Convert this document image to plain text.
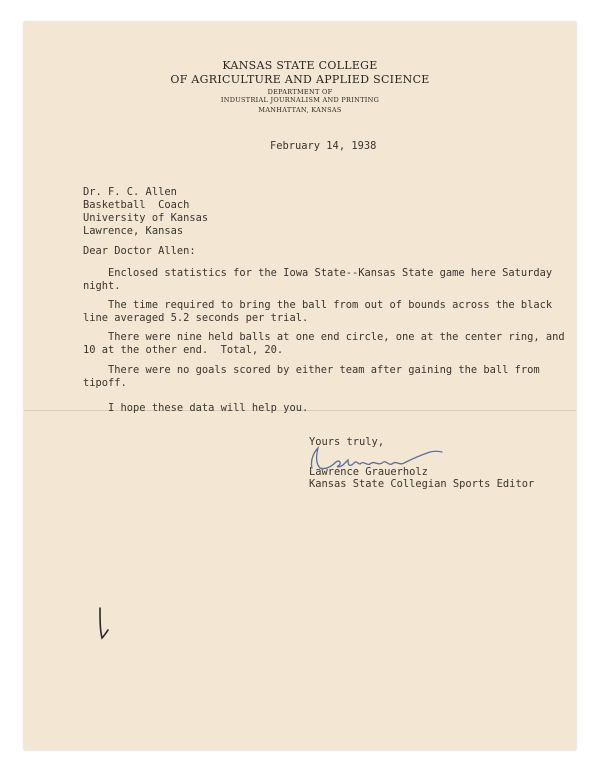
KANSAS STATE COLLEGE
OF AGRICULTURE AND APPLIED SCIENCE
DEPARTMENT OF
INDUSTRIAL JOURNALISM AND PRINTING
MANHATTAN, KANSAS
February 14, 1938
Dr. F. C. Allen
Basketball  Coach
University of Kansas
Lawrence, Kansas
Dear Doctor Allen:
Enclosed statistics for the Iowa State--Kansas State game here Saturday
night.
The time required to bring the ball from out of bounds across the black
line averaged 5.2 seconds per trial.
There were nine held balls at one end circle, one at the center ring, and
10 at the other end.  Total, 20.
There were no goals scored by either team after gaining the ball from
tipoff.
I hope these data will help you.
Yours truly,
Lawrence Grauerholz
Kansas State Collegian Sports Editor
